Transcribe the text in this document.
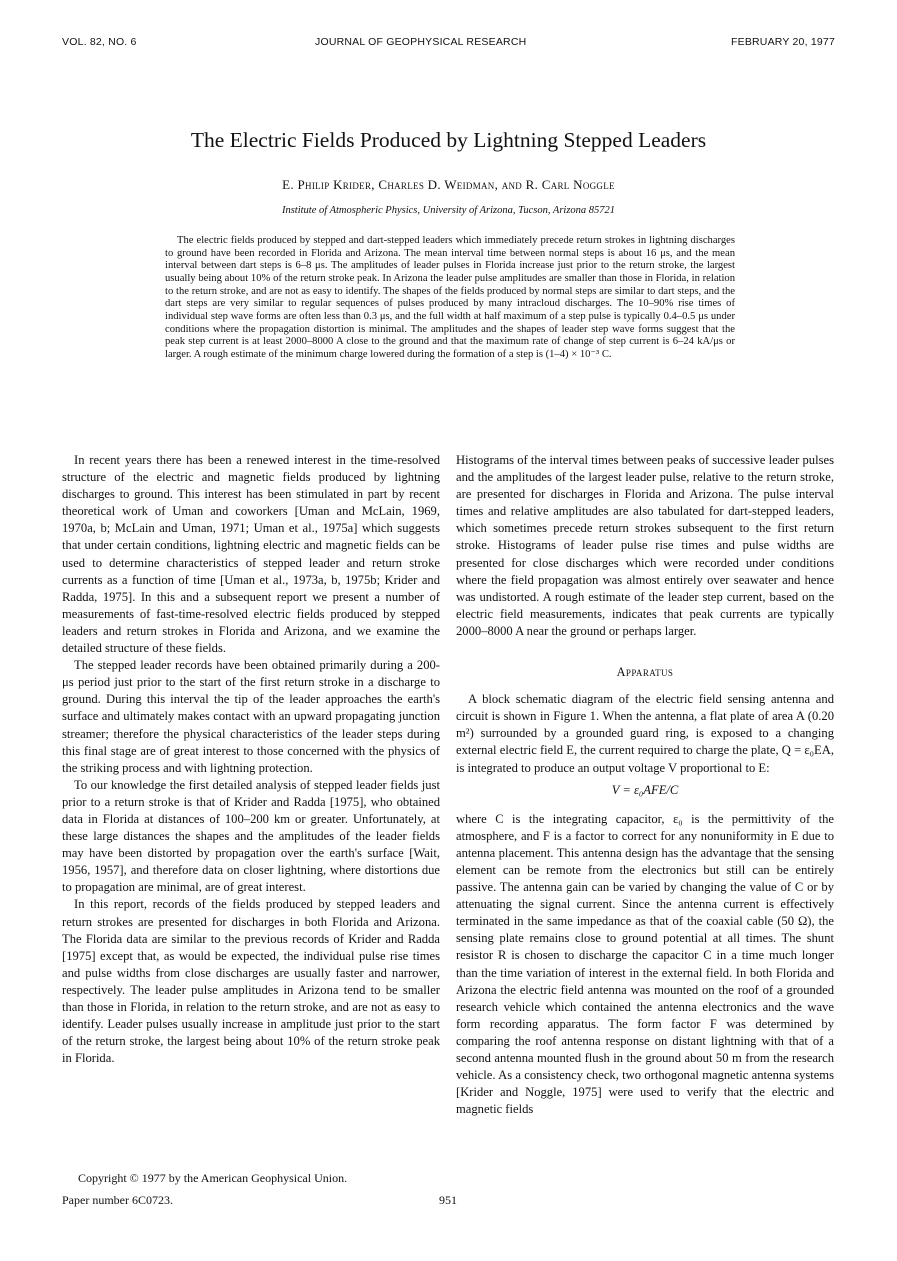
VOL. 82, NO. 6	JOURNAL OF GEOPHYSICAL RESEARCH	FEBRUARY 20, 1977
The Electric Fields Produced by Lightning Stepped Leaders
E. Philip Krider, Charles D. Weidman, and R. Carl Noggle
Institute of Atmospheric Physics, University of Arizona, Tucson, Arizona 85721

The electric fields produced by stepped and dart-stepped leaders which immediately precede return strokes in lightning discharges to ground have been recorded in Florida and Arizona. The mean interval time between normal steps is about 16 μs, and the mean interval between dart steps is 6–8 μs. The amplitudes of leader pulses in Florida increase just prior to the return stroke, the largest usually being about 10% of the return stroke peak. In Arizona the leader pulse amplitudes are smaller than those in Florida, in relation to the return stroke, and are not as easy to identify. The shapes of the fields produced by normal steps are similar to dart steps, and the dart steps are very similar to regular sequences of pulses produced by many intracloud discharges. The 10–90% rise times of individual step wave forms are often less than 0.3 μs, and the full width at half maximum of a step pulse is typically 0.4–0.5 μs under conditions where the propagation distortion is minimal. The amplitudes and the shapes of leader step wave forms suggest that the peak step current is at least 2000–8000 A close to the ground and that the maximum rate of change of step current is 6–24 kA/μs or larger. A rough estimate of the minimum charge lowered during the formation of a step is (1–4) × 10⁻³ C.

In recent years there has been a renewed interest in the time-resolved structure of the electric and magnetic fields produced by lightning discharges to ground. This interest has been stimulated in part by recent theoretical work of Uman and coworkers [Uman and McLain, 1969, 1970a, b; McLain and Uman, 1971; Uman et al., 1975a] which suggests that under certain conditions, lightning electric and magnetic fields can be used to determine characteristics of stepped leader and return stroke currents as a function of time [Uman et al., 1973a, b, 1975b; Krider and Radda, 1975]. In this and a subsequent report we present a number of measurements of fast-time-resolved electric fields produced by stepped leaders and return strokes in Florida and Arizona, and we examine the detailed structure of these fields.

The stepped leader records have been obtained primarily during a 200-μs period just prior to the start of the first return stroke in a discharge to ground. During this interval the tip of the leader approaches the earth's surface and ultimately makes contact with an upward propagating junction streamer; therefore the physical characteristics of the leader steps during this final stage are of great interest to those concerned with the physics of the striking process and with lightning protection.

To our knowledge the first detailed analysis of stepped leader fields just prior to a return stroke is that of Krider and Radda [1975], who obtained data in Florida at distances of 100–200 km or greater. Unfortunately, at these large distances the shapes and the amplitudes of the leader fields may have been distorted by propagation over the earth's surface [Wait, 1956, 1957], and therefore data on closer lightning, where distortions due to propagation are minimal, are of great interest.

In this report, records of the fields produced by stepped leaders and return strokes are presented for discharges in both Florida and Arizona. The Florida data are similar to the previous records of Krider and Radda [1975] except that, as would be expected, the individual pulse rise times and pulse widths from close discharges are usually faster and narrower, respectively. The leader pulse amplitudes in Arizona tend to be smaller than those in Florida, in relation to the return stroke, and are not as easy to identify. Leader pulses usually increase in amplitude just prior to the start of the return stroke, the largest being about 10% of the return stroke peak in Florida.

Histograms of the interval times between peaks of successive leader pulses and the amplitudes of the largest leader pulse, relative to the return stroke, are presented for discharges in Florida and Arizona. The pulse interval times and relative amplitudes are also tabulated for dart-stepped leaders, which sometimes precede return strokes subsequent to the first return stroke. Histograms of leader pulse rise times and pulse widths are presented for close discharges which were recorded under conditions where the field propagation was almost entirely over seawater and hence was undistorted. A rough estimate of the leader step current, based on the electric field measurements, indicates that peak currents are typically 2000–8000 A near the ground or perhaps larger.

Apparatus

A block schematic diagram of the electric field sensing antenna and circuit is shown in Figure 1. When the antenna, a flat plate of area A (0.20 m²) surrounded by a grounded guard ring, is exposed to a changing external electric field E, the current required to charge the plate, Q = ε₀EA, is integrated to produce an output voltage V proportional to E:

V = ε₀AFE/C

where C is the integrating capacitor, ε₀ is the permittivity of the atmosphere, and F is a factor to correct for any nonuniformity in E due to antenna placement. This antenna design has the advantage that the sensing element can be remote from the electronics but still can be entirely passive. The antenna gain can be varied by changing the value of C or by attenuating the signal current. Since the antenna current is effectively terminated in the same impedance as that of the coaxial cable (50 Ω), the sensing plate remains close to ground potential at all times. The shunt resistor R is chosen to discharge the capacitor C in a time much longer than the time variation of interest in the external field. In both Florida and Arizona the electric field antenna was mounted on the roof of a grounded research vehicle which contained the antenna electronics and the wave form recording apparatus. The form factor F was determined by comparing the roof antenna response on distant lightning with that of a second antenna mounted flush in the ground about 50 m from the research vehicle. As a consistency check, two orthogonal magnetic antenna systems [Krider and Noggle, 1975] were used to verify that the electric and magnetic fields

Copyright © 1977 by the American Geophysical Union.
Paper number 6C0723.	951
